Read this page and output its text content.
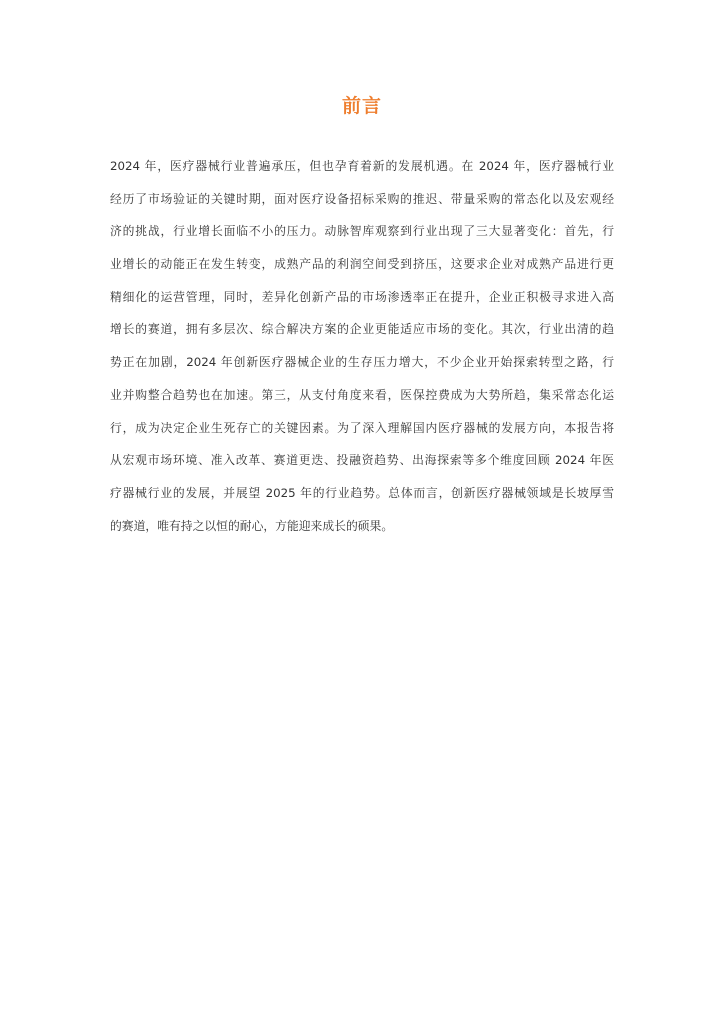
前言
2024 年，医疗器械行业普遍承压，但也孕育着新的发展机遇。在 2024 年，医疗器械行业
经历了市场验证的关键时期，面对医疗设备招标采购的推迟、带量采购的常态化以及宏观经
济的挑战，行业增长面临不小的压力。动脉智库观察到行业出现了三大显著变化：首先，行
业增长的动能正在发生转变，成熟产品的利润空间受到挤压，这要求企业对成熟产品进行更
精细化的运营管理，同时，差异化创新产品的市场渗透率正在提升，企业正积极寻求进入高
增长的赛道，拥有多层次、综合解决方案的企业更能适应市场的变化。其次，行业出清的趋
势正在加剧，2024 年创新医疗器械企业的生存压力增大，不少企业开始探索转型之路，行
业并购整合趋势也在加速。第三，从支付角度来看，医保控费成为大势所趋，集采常态化运
行，成为决定企业生死存亡的关键因素。为了深入理解国内医疗器械的发展方向，本报告将
从宏观市场环境、准入改革、赛道更迭、投融资趋势、出海探索等多个维度回顾 2024 年医
疗器械行业的发展，并展望 2025 年的行业趋势。总体而言，创新医疗器械领域是长坡厚雪
的赛道，唯有持之以恒的耐心，方能迎来成长的硕果。
